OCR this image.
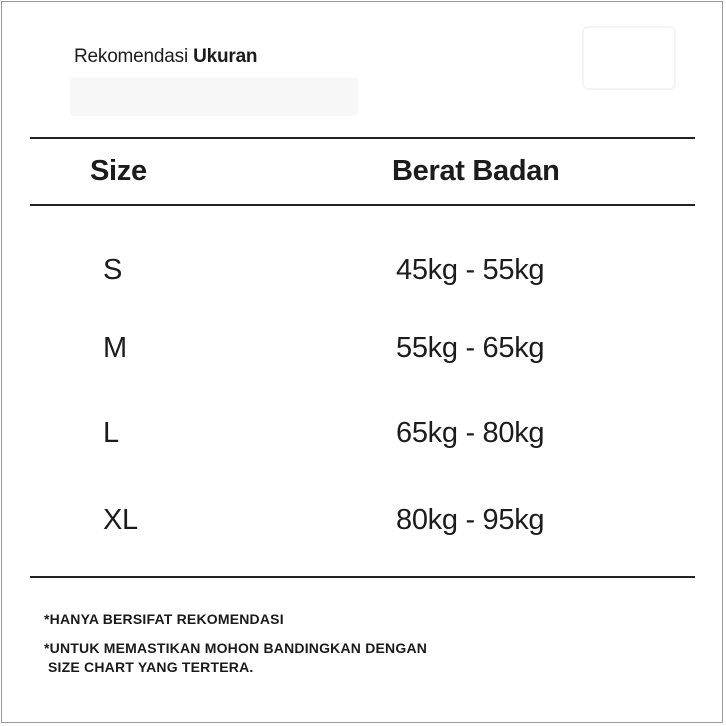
Rekomendasi Ukuran
Size	Berat Badan
S	45kg - 55kg
M	55kg - 65kg
L	65kg - 80kg
XL	80kg - 95kg
*HANYA BERSIFAT REKOMENDASI
*UNTUK MEMASTIKAN MOHON BANDINGKAN DENGAN
SIZE CHART YANG TERTERA.
